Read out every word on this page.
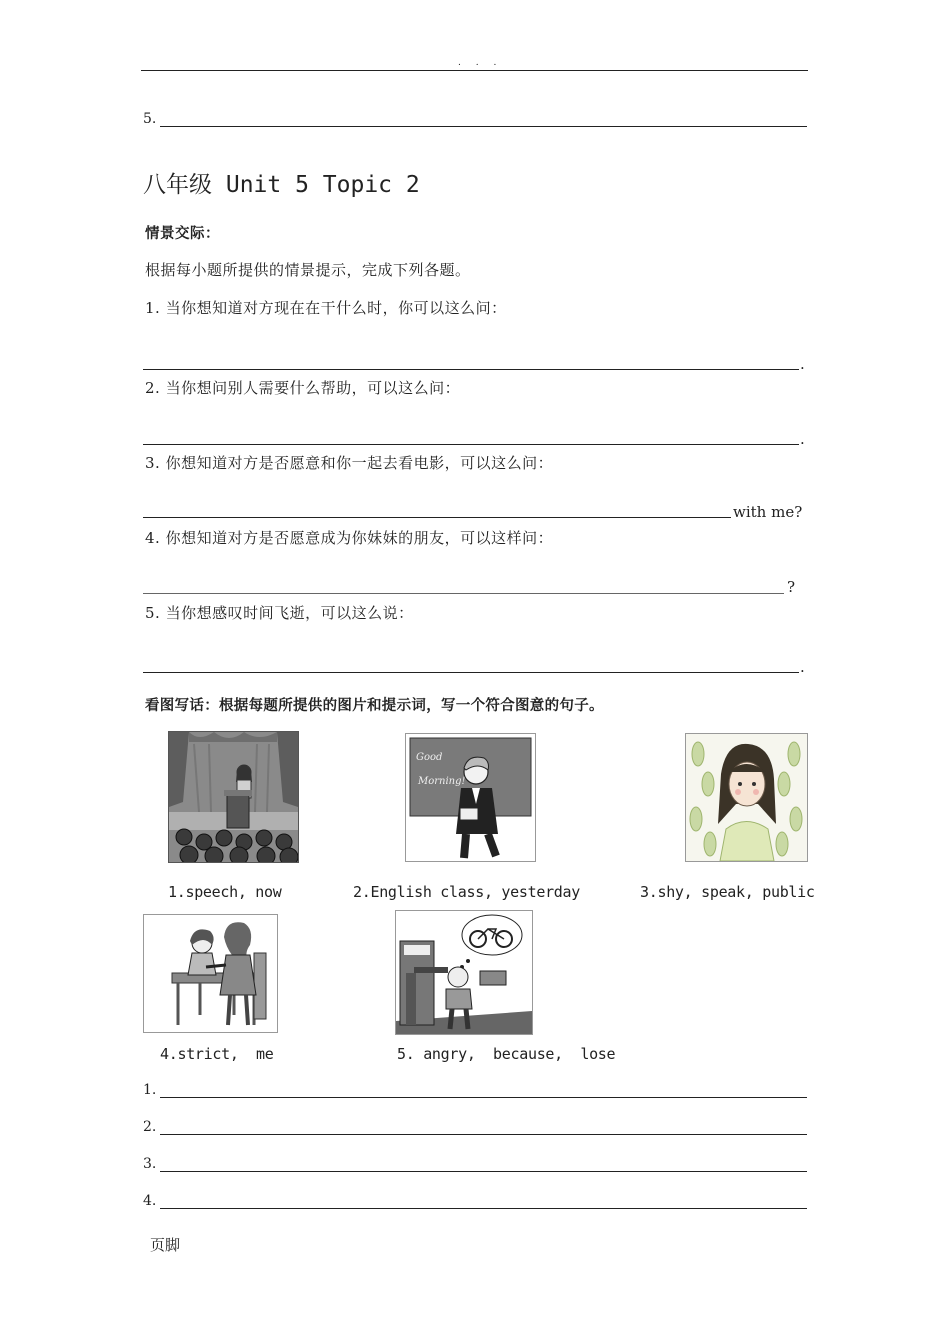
. . .
5.
八年级 Unit 5 Topic 2
情景交际：
根据每小题所提供的情景提示，完成下列各题。
1. 当你想知道对方现在在干什么时，你可以这么问：
.
2. 当你想问别人需要什么帮助，可以这么问：
.
3. 你想知道对方是否愿意和你一起去看电影，可以这么问：
with me?
4. 你想知道对方是否愿意成为你妹妹的朋友，可以这样问：
?
5. 当你想感叹时间飞逝，可以这么说：
.
看图写话：根据每题所提供的图片和提示词，写一个符合图意的句子。
Good
Morning!
1.speech, now	2.English class, yesterday	3.shy, speak, public
4.strict,  me	5. angry,  because,  lose
1.
2.
3.
4.
页脚
